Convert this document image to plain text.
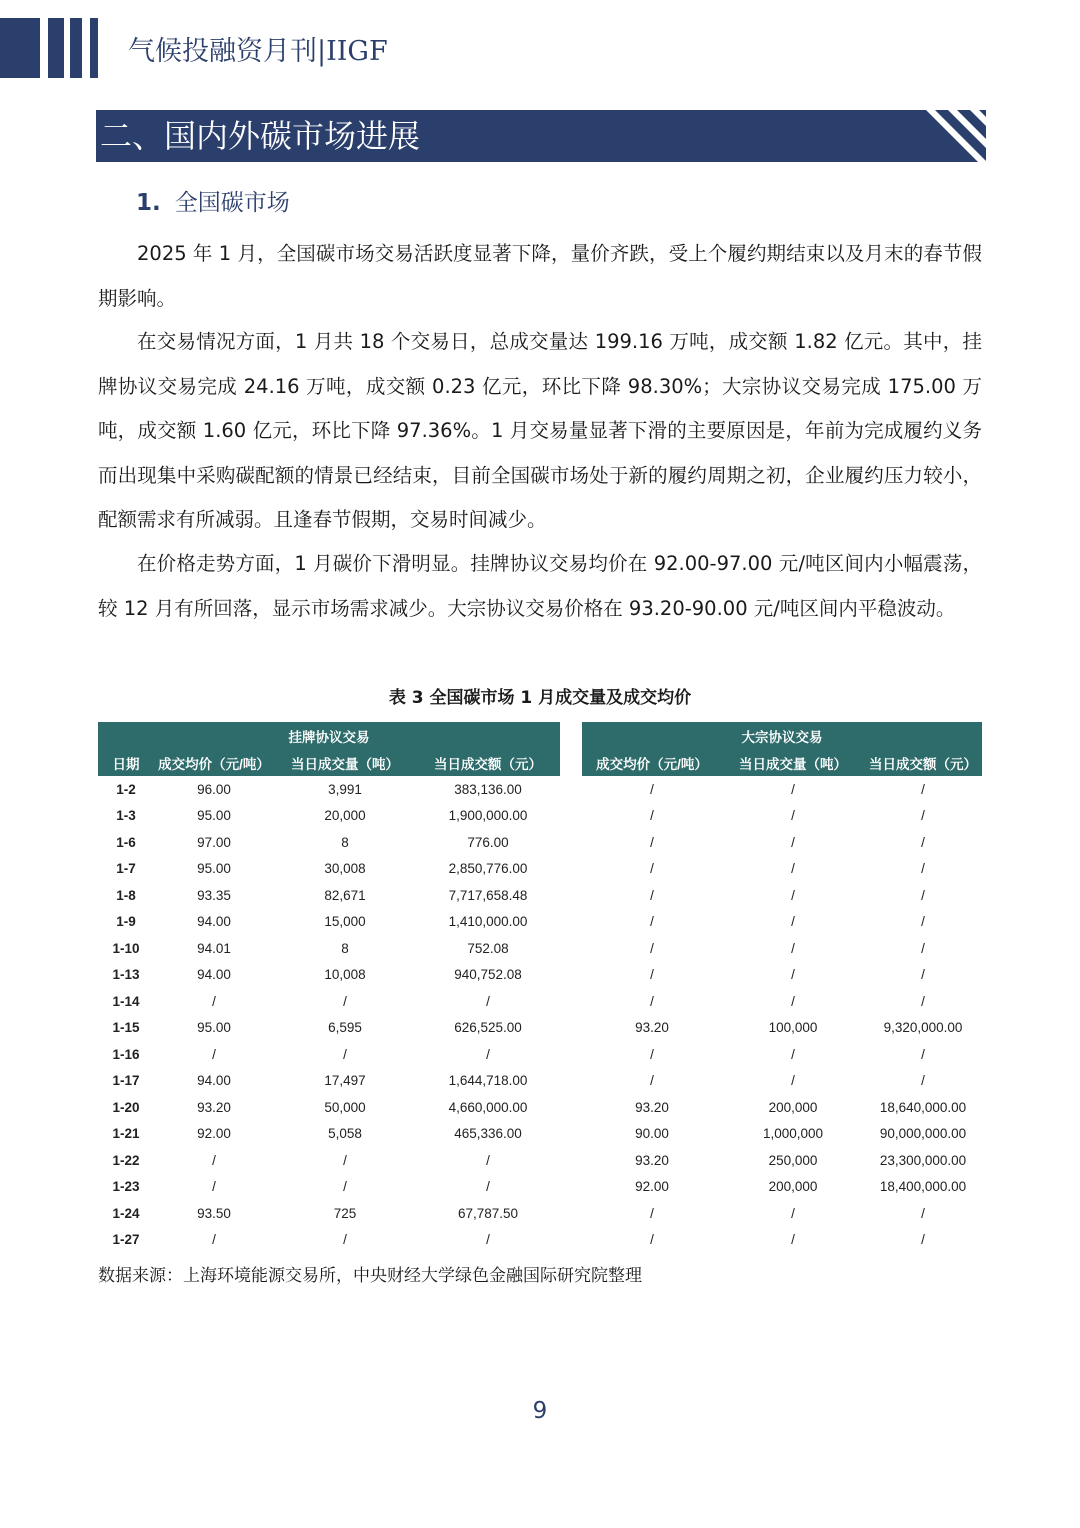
气候投融资月刊|IIGF
二、国内外碳市场进展
1. 全国碳市场

2025 年 1 月，全国碳市场交易活跃度显著下降，量价齐跌，受上个履约期结束以及月末的春节假期影响。

在交易情况方面，1 月共 18 个交易日，总成交量达 199.16 万吨，成交额 1.82 亿元。其中，挂牌协议交易完成 24.16 万吨，成交额 0.23 亿元，环比下降 98.30%；大宗协议交易完成 175.00 万吨，成交额 1.60 亿元，环比下降 97.36%。1 月交易量显著下滑的主要原因是，年前为完成履约义务而出现集中采购碳配额的情景已经结束，目前全国碳市场处于新的履约周期之初，企业履约压力较小，配额需求有所减弱。且逢春节假期，交易时间减少。

在价格走势方面，1 月碳价下滑明显。挂牌协议交易均价在 92.00-97.00 元/吨区间内小幅震荡，较 12 月有所回落，显示市场需求减少。大宗协议交易价格在 93.20-90.00 元/吨区间内平稳波动。

表 3 全国碳市场 1 月成交量及成交均价
挂牌协议交易					大宗协议交易		
日期	成交均价（元/吨）	当日成交量（吨）	当日成交额（元）		成交均价（元/吨）	当日成交量（吨）	当日成交额（元）
1-2	96.00	3,991	383,136.00		/	/	/
1-3	95.00	20,000	1,900,000.00		/	/	/
1-6	97.00	8	776.00		/	/	/
1-7	95.00	30,008	2,850,776.00		/	/	/
1-8	93.35	82,671	7,717,658.48		/	/	/
1-9	94.00	15,000	1,410,000.00		/	/	/
1-10	94.01	8	752.08		/	/	/
1-13	94.00	10,008	940,752.08		/	/	/
1-14	/	/	/		/	/	/
1-15	95.00	6,595	626,525.00		93.20	100,000	9,320,000.00
1-16	/	/	/		/	/	/
1-17	94.00	17,497	1,644,718.00		/	/	/
1-20	93.20	50,000	4,660,000.00		93.20	200,000	18,640,000.00
1-21	92.00	5,058	465,336.00		90.00	1,000,000	90,000,000.00
1-22	/	/	/		93.20	250,000	23,300,000.00
1-23	/	/	/		92.00	200,000	18,400,000.00
1-24	93.50	725	67,787.50		/	/	/
1-27	/	/	/		/	/	/
数据来源：上海环境能源交易所，中央财经大学绿色金融国际研究院整理
9
